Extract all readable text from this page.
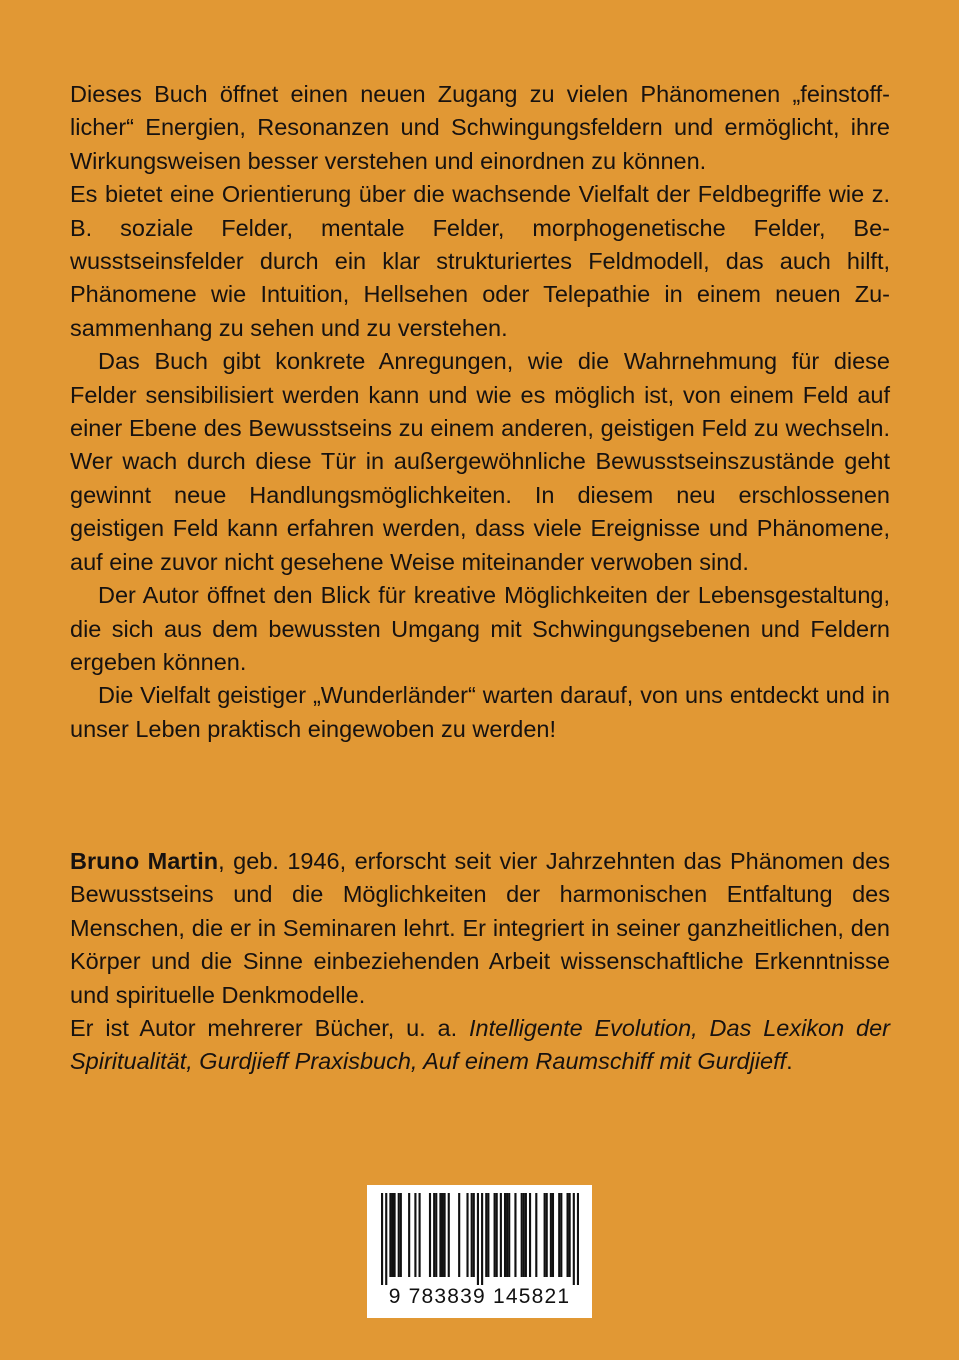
Dieses Buch öffnet einen neuen Zugang zu vielen Phänomenen „feinstofflicher“ Energien, Resonanzen und Schwingungsfeldern und ermöglicht, ihre Wirkungsweisen besser verstehen und einordnen zu können.

Es bietet eine Orientierung über die wachsende Vielfalt der Feldbegriffe wie z. B. soziale Felder, mentale Felder, morphogenetische Felder, Bewusstseinsfelder durch ein klar strukturiertes Feldmodell, das auch hilft, Phänomene wie Intuition, Hellsehen oder Telepathie in einem neuen Zusammenhang zu sehen und zu verstehen.

Das Buch gibt konkrete Anregungen, wie die Wahrnehmung für diese Felder sensibilisiert werden kann und wie es möglich ist, von einem Feld auf einer Ebene des Bewusstseins zu einem anderen, geistigen Feld zu wechseln. Wer wach durch diese Tür in außergewöhnliche Bewusstseinszustände geht gewinnt neue Handlungsmöglichkeiten. In diesem neu erschlossenen geistigen Feld kann erfahren werden, dass viele Ereignisse und Phänomene, auf eine zuvor nicht gesehene Weise miteinander verwoben sind.

Der Autor öffnet den Blick für kreative Möglichkeiten der Lebensgestaltung, die sich aus dem bewussten Umgang mit Schwingungsebenen und Feldern ergeben können.

Die Vielfalt geistiger „Wunderländer“ warten darauf, von uns entdeckt und in unser Leben praktisch eingewoben zu werden!

Bruno Martin, geb. 1946, erforscht seit vier Jahrzehnten das Phänomen des Bewusstseins und die Möglichkeiten der harmonischen Entfaltung des Menschen, die er in Seminaren lehrt. Er integriert in seiner ganzheitlichen, den Körper und die Sinne einbeziehenden Arbeit wissenschaftliche Erkenntnisse und spirituelle Denkmodelle.

Er ist Autor mehrerer Bücher, u. a. Intelligente Evolution, Das Lexikon der Spiritualität, Gurdjieff Praxisbuch, Auf einem Raumschiff mit Gurdjieff.

9 783839 145821
